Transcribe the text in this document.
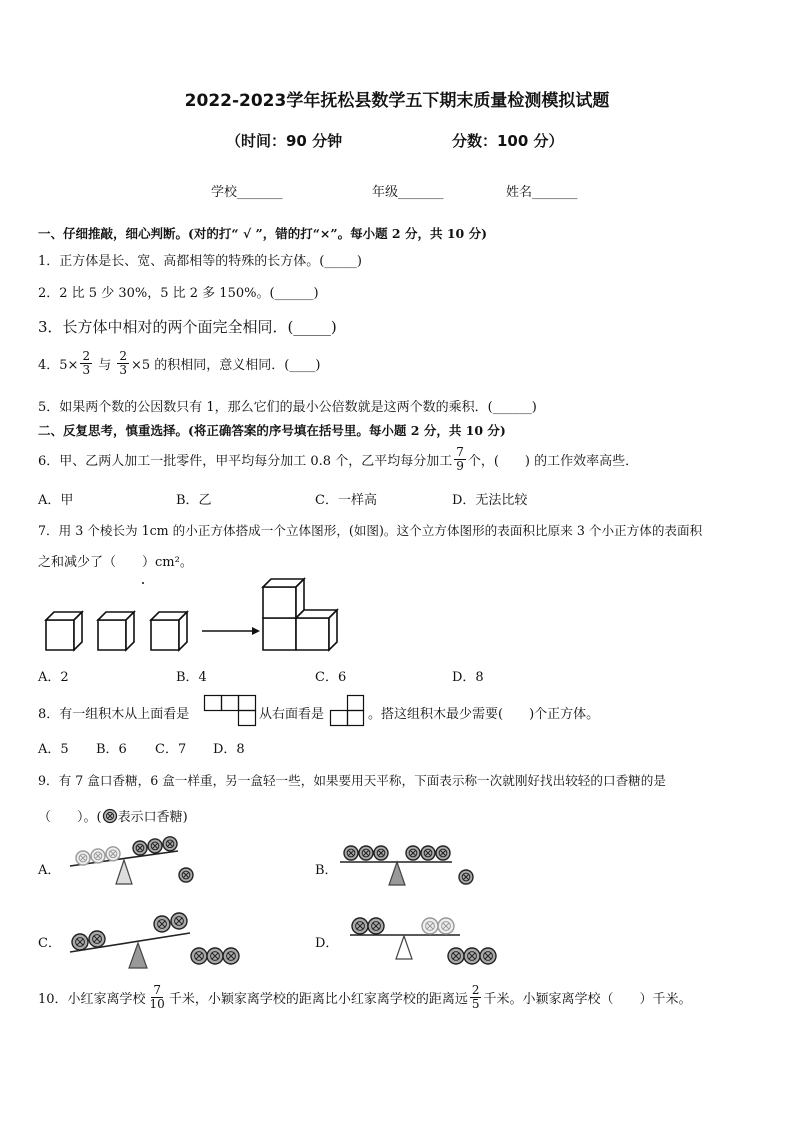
2022-2023学年抚松县数学五下期末质量检测模拟试题
（时间：90 分钟	分数：100 分）
学校_______	年级_______	姓名_______
一、仔细推敲，细心判断。(对的打“ √ ”，错的打“×”。每小题 2 分，共 10 分)
1．正方体是长、宽、高都相等的特殊的长方体。(_____)
2．2 比 5 少 30%，5 比 2 多 150%。(______)
3．长方体中相对的两个面完全相同．(_____)
4．$5\times \frac{2}{3}$ 与 $\frac{2}{3} \times 5$ 的积相同，意义相同．(____)
5．如果两个数的公因数只有 1，那么它们的最小公倍数就是这两个数的乘积．(______)
二、反复思考，慎重选择。(将正确答案的序号填在括号里。每小题 2 分，共 10 分)
6．甲、乙两人加工一批零件，甲平均每分加工 0.8 个，乙平均每分加工 $\frac{7}{9}$ 个，(　　) 的工作效率高些．
A．甲	B．乙	C．一样高	D．无法比较
7．用 3 个棱长为 1cm 的小正方体搭成一个立体图形，(如图)。这个立方体图形的表面积比原来 3 个小正方体的表面积
之和减少了（　　）cm²。
A．2	B．4	C．6	D．8
8．有一组积木从上面看是	从右面看是	。搭这组积木最少需要(　　)个正方体。
A．5 B．6 C．7 D．8
9．有 7 盒口香糖，6 盒一样重，另一盒轻一些，如果要用天平称，下面表示称一次就刚好找出较轻的口香糖的是
（　　）。( 表示口香糖)
A．	B．
C．	D．
10．小红家离学校 $\frac{7}{10}$ 千米，小颖家离学校的距离比小红家离学校的距离远 $\frac{2}{5}$ 千米。小颖家离学校（　　）千米。
